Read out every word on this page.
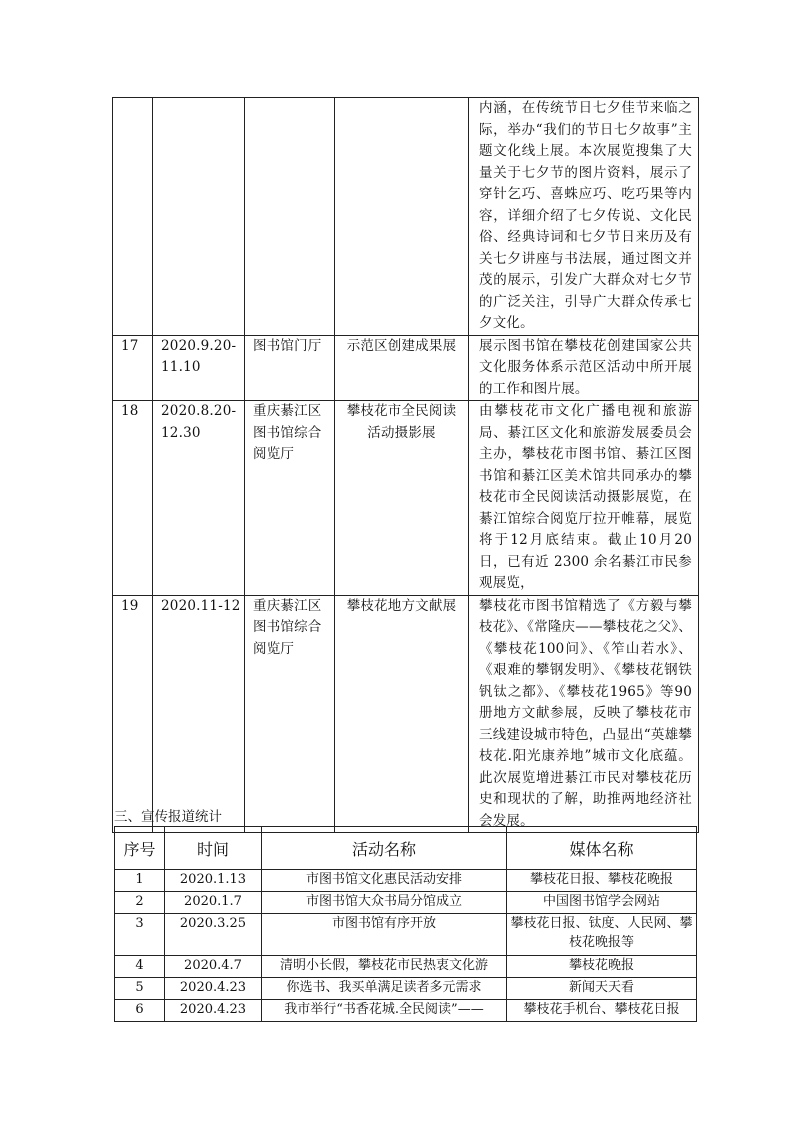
				内涵，在传统节日七夕佳节来临之际，举办“我们的节日七夕故事”主题文化线上展。本次展览搜集了大量关于七夕节的图片资料，展示了穿针乞巧、喜蛛应巧、吃巧果等内容，详细介绍了七夕传说、文化民俗、经典诗词和七夕节日来历及有关七夕讲座与书法展，通过图文并茂的展示，引发广大群众对七夕节的广泛关注，引导广大群众传承七夕文化。
17	2020.9.20-11.10	图书馆门厅	示范区创建成果展	展示图书馆在攀枝花创建国家公共文化服务体系示范区活动中所开展的工作和图片展。
18	2020.8.20-12.30	重庆綦江区图书馆综合阅览厅	攀枝花市全民阅读活动摄影展	由攀枝花市文化广播电视和旅游局、綦江区文化和旅游发展委员会主办，攀枝花市图书馆、綦江区图书馆和綦江区美术馆共同承办的攀枝花市全民阅读活动摄影展览，在綦江馆综合阅览厅拉开帷幕，展览将于12月底结束。截止10月20日，已有近 2300 余名綦江市民参观展览，
19	2020.11-12	重庆綦江区图书馆综合阅览厅	攀枝花地方文献展	攀枝花市图书馆精选了《方毅与攀枝花》、《常隆庆——攀枝花之父》、《攀枝花100问》、《笮山若水》、《艰难的攀钢发明》、《攀枝花钢铁钒钛之都》、《攀枝花1965》等90册地方文献参展，反映了攀枝花市三线建设城市特色，凸显出“英雄攀枝花.阳光康养地”城市文化底蕴。此次展览增进綦江市民对攀枝花历史和现状的了解，助推两地经济社会发展。
三、宣传报道统计
序号	时间	活动名称	媒体名称
1	2020.1.13	市图书馆文化惠民活动安排	攀枝花日报、攀枝花晚报
2	2020.1.7	市图书馆大众书局分馆成立	中国图书馆学会网站
3	2020.3.25	市图书馆有序开放	攀枝花日报、钛度、人民网、攀枝花晚报等
4	2020.4.7	清明小长假，攀枝花市民热衷文化游	攀枝花晚报
5	2020.4.23	你选书、我买单满足读者多元需求	新闻天天看
6	2020.4.23	我市举行“书香花城.全民阅读”——	攀枝花手机台、攀枝花日报
